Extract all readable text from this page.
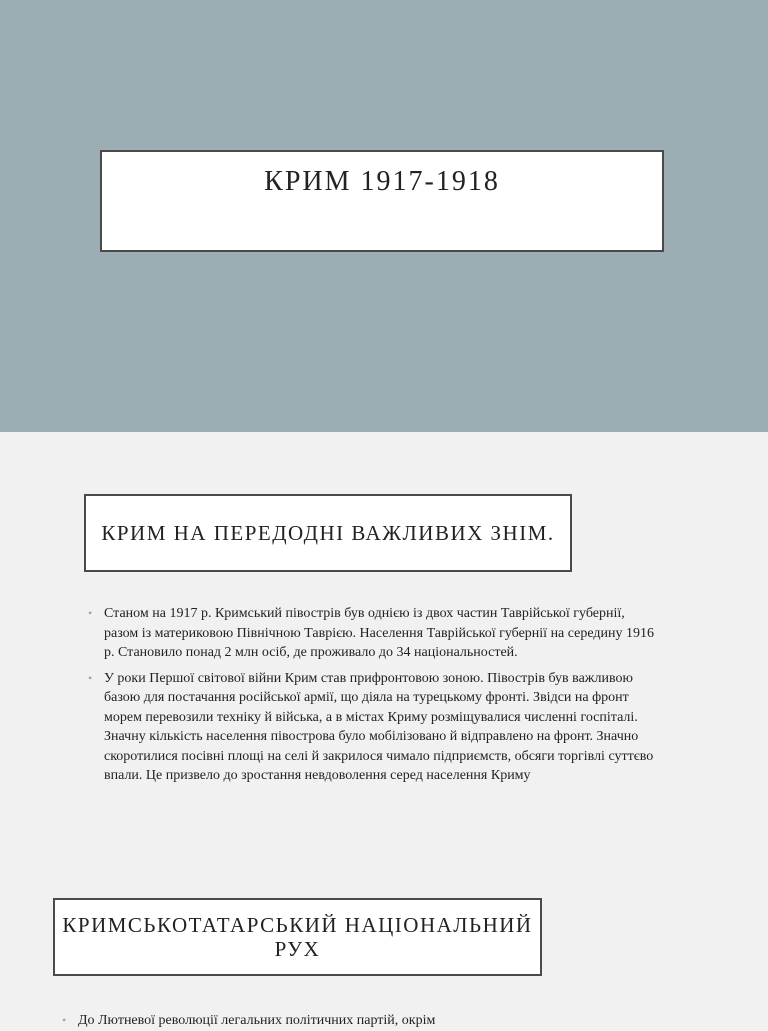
КРИМ 1917-1918
КРИМ НА ПЕРЕДОДНІ ВАЖЛИВИХ ЗНІМ.
• Станом на 1917 р. Кримський півострів був однією із двох частин Таврійської губернії, разом із материковою Північною Таврією. Населення Таврійської губернії на середину 1916 р. Становило понад 2 млн осіб, де проживало до 34 національностей.
• У роки Першої світової війни Крим став прифронтовою зоною. Півострів був важливою базою для постачання російської армії, що діяла на турецькому фронті. Звідси на фронт морем перевозили техніку й війська, а в містах Криму розміщувалися численні госпіталі. Значну кількість населення півострова було мобілізовано й відправлено на фронт. Значно скоротилися посівні площі на селі й закрилося чимало підприємств, обсяги торгівлі суттєво впали. Це призвело до зростання невдоволення серед населення Криму
КРИМСЬКОТАТАРСЬКИЙ НАЦІОНАЛЬНИЙ РУХ
• До Лютневої революції легальних політичних партій, окрім
